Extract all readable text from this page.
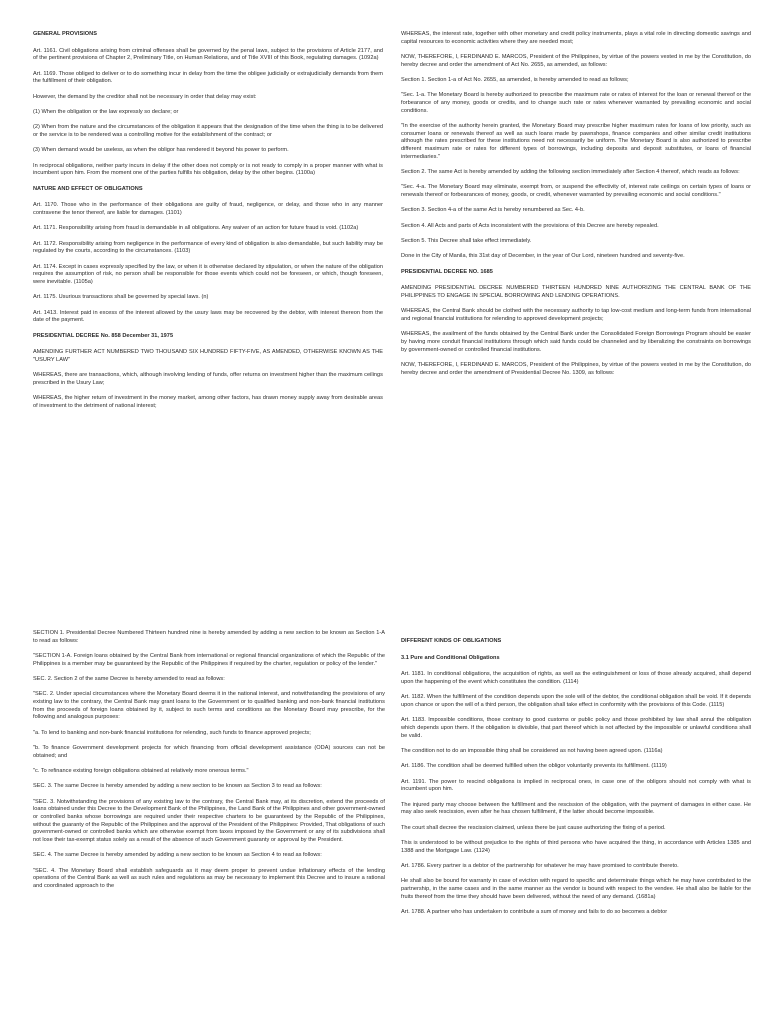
GENERAL PROVISIONS

Art. 1161. Civil obligations arising from criminal offenses shall be governed by the penal laws, subject to the provisions of Article 2177, and of the pertinent provisions of Chapter 2, Preliminary Title, on Human Relations, and of Title XVIII of this Book, regulating damages. (1092a)

Art. 1169. Those obliged to deliver or to do something incur in delay from the time the obligee judicially or extrajudicially demands from them the fulfillment of their obligation.

However, the demand by the creditor shall not be necessary in order that delay may exist:

(1) When the obligation or the law expressly so declare; or

(2) When from the nature and the circumstances of the obligation it appears that the designation of the time when the thing is to be delivered or the service is to be rendered was a controlling motive for the establishment of the contract; or

(3) When demand would be useless, as when the obligor has rendered it beyond his power to perform.

In reciprocal obligations, neither party incurs in delay if the other does not comply or is not ready to comply in a proper manner with what is incumbent upon him. From the moment one of the parties fulfills his obligation, delay by the other begins. (1100a)

NATURE AND EFFECT OF OBLIGATIONS

Art. 1170. Those who in the performance of their obligations are guilty of fraud, negligence, or delay, and those who in any manner contravene the tenor thereof, are liable for damages. (1101)

Art. 1171. Responsibility arising from fraud is demandable in all obligations. Any waiver of an action for future fraud is void. (1102a)

Art. 1172. Responsibility arising from negligence in the performance of every kind of obligation is also demandable, but such liability may be regulated by the courts, according to the circumstances. (1103)

Art. 1174. Except in cases expressly specified by the law, or when it is otherwise declared by stipulation, or when the nature of the obligation requires the assumption of risk, no person shall be responsible for those events which could not be foreseen, or which, though foreseen, were inevitable. (1105a)

Art. 1175. Usurious transactions shall be governed by special laws. (n)

Art. 1413. Interest paid in excess of the interest allowed by the usury laws may be recovered by the debtor, with interest thereon from the date of the payment.

PRESIDENTIAL DECREE No. 858 December 31, 1975

AMENDING FURTHER ACT NUMBERED TWO THOUSAND SIX HUNDRED FIFTY-FIVE, AS AMENDED, OTHERWISE KNOWN AS THE "USURY LAW"

WHEREAS, there are transactions, which, although involving lending of funds, offer returns on investment higher than the maximum ceilings prescribed in the Usury Law;

WHEREAS, the higher return of investment in the money market, among other factors, has drawn money supply away from desirable areas of investment to the detriment of national interest;

WHEREAS, the interest rate, together with other monetary and credit policy instruments, plays a vital role in directing domestic savings and capital resources to economic activities where they are needed most;

NOW, THEREFORE, I, FERDINAND E. MARCOS, President of the Philippines, by virtue of the powers vested in me by the Constitution, do hereby decree and order the amendment of Act No. 2655, as amended, as follows:

Section 1. Section 1-a of Act No. 2655, as amended, is hereby amended to read as follows;

"Sec. 1-a. The Monetary Board is hereby authorized to prescribe the maximum rate or rates of interest for the loan or renewal thereof or the forbearance of any money, goods or credits, and to change such rate or rates whenever warranted by prevailing economic and social conditions.

"In the exercise of the authority herein granted, the Monetary Board may prescribe higher maximum rates for loans of low priority, such as consumer loans or renewals thereof as well as such loans made by pawnshops, finance companies and other similar credit institutions although the rates prescribed for these institutions need not necessarily be uniform. The Monetary Board is also authorized to prescribe different maximum rate or rates for different types of borrowings, including deposits and deposit substitutes, or loans of financial intermediaries."

Section 2. The same Act is hereby amended by adding the following section immediately after Section 4 thereof, which reads as follows:

"Sec. 4-a. The Monetary Board may eliminate, exempt from, or suspend the effectivity of, interest rate ceilings on certain types of loans or renewals thereof or forbearances of money, goods, or credit, whenever warranted by prevailing economic and social conditions."

Section 3. Section 4-a of the same Act is hereby renumbered as Sec. 4-b.

Section 4. All Acts and parts of Acts inconsistent with the provisions of this Decree are hereby repealed.

Section 5. This Decree shall take effect immediately.

Done in the City of Manila, this 31st day of December, in the year of Our Lord, nineteen hundred and seventy-five.

PRESIDENTIAL DECREE NO. 1685

AMENDING PRESIDENTIAL DECREE NUMBERED THIRTEEN HUNDRED NINE AUTHORIZING THE CENTRAL BANK OF THE PHILIPPINES TO ENGAGE IN SPECIAL BORROWING AND LENDING OPERATIONS.

WHEREAS, the Central Bank should be clothed with the necessary authority to tap low-cost medium and long-term funds from international and regional financial institutions for relending to approved development projects;

WHEREAS, the availment of the funds obtained by the Central Bank under the Consolidated Foreign Borrowings Program should be easier by having more conduit financial institutions through which said funds could be channeled and by liberalizing the constraints on borrowings by government-owned or controlled financial institutions.

NOW, THEREFORE, I, FERDINAND E. MARCOS, President of the Philippines, by virtue of the powers vested in me by the Constitution, do hereby decree and order the amendment of Presidential Decree No. 1309, as follows:

SECTION 1. Presidential Decree Numbered Thirteen hundred nine is hereby amended by adding a new section to be known as Section 1-A to read as follows:

"SECTION 1-A. Foreign loans obtained by the Central Bank from international or regional financial organizations of which the Republic of the Philippines is a member may be guaranteed by the Republic of the Philippines if required by the charter, regulation or policy of the lender."

SEC. 2. Section 2 of the same Decree is hereby amended to read as follows:

"SEC. 2. Under special circumstances where the Monetary Board deems it in the national interest, and notwithstanding the provisions of any existing law to the contrary, the Central Bank may grant loans to the Government or to qualified banking and non-bank financial institutions from the proceeds of foreign loans obtained by it, subject to such terms and conditions as the Monetary Board may prescribe, for the following and analogous purposes:

"a. To lend to banking and non-bank financial institutions for relending, such funds to finance approved projects;

"b. To finance Government development projects for which financing from official development assistance (ODA) sources can not be obtained; and

"c. To refinance existing foreign obligations obtained at relatively more onerous terms."

SEC. 3. The same Decree is hereby amended by adding a new section to be known as Section 3 to read as follows:

"SEC. 3. Notwithstanding the provisions of any existing law to the contrary, the Central Bank may, at its discretion, extend the proceeds of loans obtained under this Decree to the Development Bank of the Philippines, the Land Bank of the Philippines and other government-owned or controlled banks whose borrowings are required under their respective charters to be guaranteed by the Republic of the Philippines, without the guaranty of the Republic of the Philippines and the approval of the President of the Philippines: Provided, That obligations of such government-owned or controlled banks which are otherwise exempt from taxes imposed by the Government or any of its subdivisions shall not lose their tax-exempt status solely as a result of the absence of such Government guaranty or approval by the President.

SEC. 4. The same Decree is hereby amended by adding a new section to be known as Section 4 to read as follows:

"SEC. 4. The Monetary Board shall establish safeguards as it may deem proper to prevent undue inflationary effects of the lending operations of the Central Bank as well as such rules and regulations as may be necessary to implement this Decree and to insure a rational and coordinated approach to the

DIFFERENT KINDS OF OBLIGATIONS

3.1 Pure and Conditional Obligations

Art. 1181. In conditional obligations, the acquisition of rights, as well as the extinguishment or loss of those already acquired, shall depend upon the happening of the event which constitutes the condition. (1114)

Art. 1182. When the fulfillment of the condition depends upon the sole will of the debtor, the conditional obligation shall be void. If it depends upon chance or upon the will of a third person, the obligation shall take effect in conformity with the provisions of this Code. (1115)

Art. 1183. Impossible conditions, those contrary to good customs or public policy and those prohibited by law shall annul the obligation which depends upon them. If the obligation is divisible, that part thereof which is not affected by the impossible or unlawful conditions shall be valid.

The condition not to do an impossible thing shall be considered as not having been agreed upon. (1116a)

Art. 1186. The condition shall be deemed fulfilled when the obligor voluntarily prevents its fulfillment. (1119)

Art. 1191. The power to rescind obligations is implied in reciprocal ones, in case one of the obligors should not comply with what is incumbent upon him.

The injured party may choose between the fulfillment and the rescission of the obligation, with the payment of damages in either case. He may also seek rescission, even after he has chosen fulfillment, if the latter should become impossible.

The court shall decree the rescission claimed, unless there be just cause authorizing the fixing of a period.

This is understood to be without prejudice to the rights of third persons who have acquired the thing, in accordance with Articles 1385 and 1388 and the Mortgage Law. (1124)

Art. 1786. Every partner is a debtor of the partnership for whatever he may have promised to contribute thereto.

He shall also be bound for warranty in case of eviction with regard to specific and determinate things which he may have contributed to the partnership, in the same cases and in the same manner as the vendor is bound with respect to the vendee. He shall also be liable for the fruits thereof from the time they should have been delivered, without the need of any demand. (1681a)

Art. 1788. A partner who has undertaken to contribute a sum of money and fails to do so becomes a debtor
